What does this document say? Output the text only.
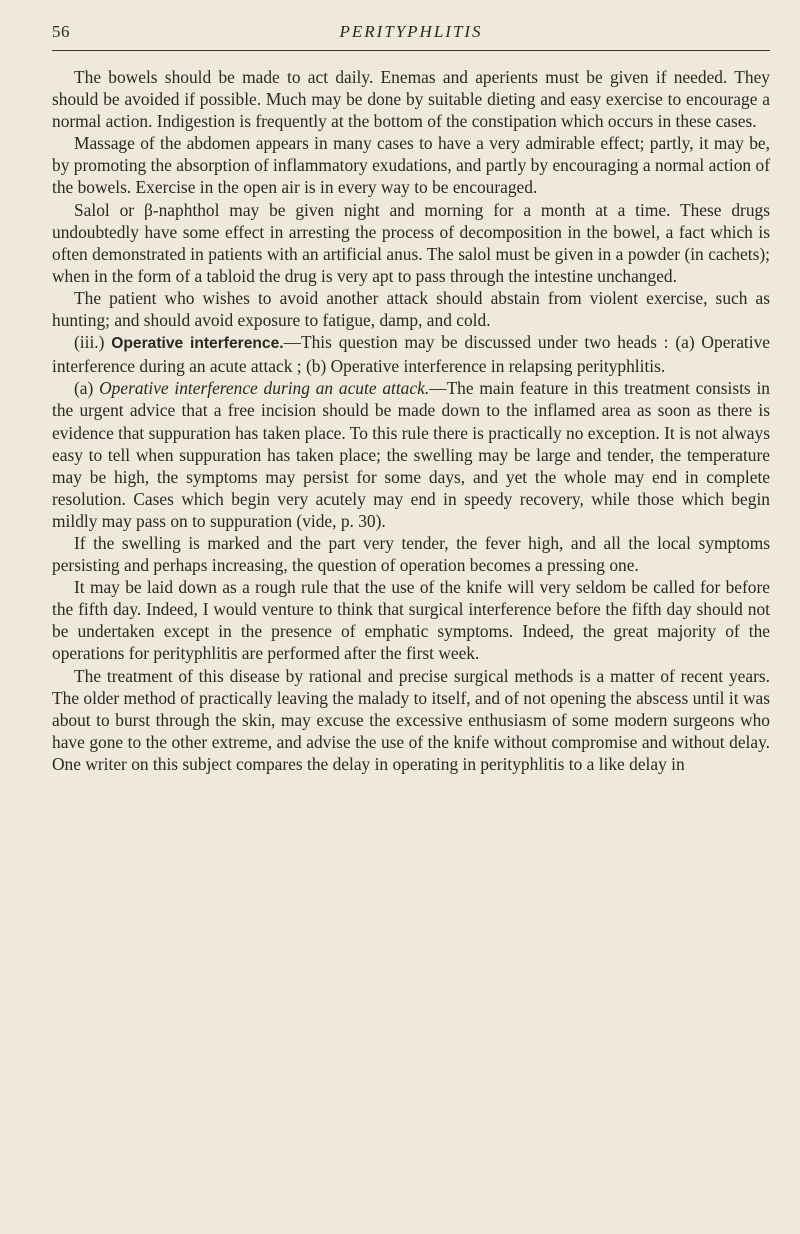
56	PERITYPHLITIS

The bowels should be made to act daily. Enemas and aperients must be given if needed. They should be avoided if possible. Much may be done by suitable dieting and easy exercise to encourage a normal action. Indigestion is frequently at the bottom of the constipation which occurs in these cases.

Massage of the abdomen appears in many cases to have a very admirable effect; partly, it may be, by promoting the absorption of inflammatory exudations, and partly by encouraging a normal action of the bowels. Exercise in the open air is in every way to be encouraged.

Salol or β-naphthol may be given night and morning for a month at a time. These drugs undoubtedly have some effect in arresting the process of decomposition in the bowel, a fact which is often demonstrated in patients with an artificial anus. The salol must be given in a powder (in cachets); when in the form of a tabloid the drug is very apt to pass through the intestine unchanged.

The patient who wishes to avoid another attack should abstain from violent exercise, such as hunting; and should avoid exposure to fatigue, damp, and cold.

(iii.) Operative interference.—This question may be discussed under two heads : (a) Operative interference during an acute attack ; (b) Operative interference in relapsing perityphlitis.

(a) Operative interference during an acute attack.—The main feature in this treatment consists in the urgent advice that a free incision should be made down to the inflamed area as soon as there is evidence that suppuration has taken place. To this rule there is practically no exception. It is not always easy to tell when suppuration has taken place; the swelling may be large and tender, the temperature may be high, the symptoms may persist for some days, and yet the whole may end in complete resolution. Cases which begin very acutely may end in speedy recovery, while those which begin mildly may pass on to suppuration (vide, p. 30).

If the swelling is marked and the part very tender, the fever high, and all the local symptoms persisting and perhaps increasing, the question of operation becomes a pressing one.

It may be laid down as a rough rule that the use of the knife will very seldom be called for before the fifth day. Indeed, I would venture to think that surgical interference before the fifth day should not be undertaken except in the presence of emphatic symptoms. Indeed, the great majority of the operations for perityphlitis are performed after the first week.

The treatment of this disease by rational and precise surgical methods is a matter of recent years. The older method of practically leaving the malady to itself, and of not opening the abscess until it was about to burst through the skin, may excuse the excessive enthusiasm of some modern surgeons who have gone to the other extreme, and advise the use of the knife without compromise and without delay. One writer on this subject compares the delay in operating in perityphlitis to a like delay in
